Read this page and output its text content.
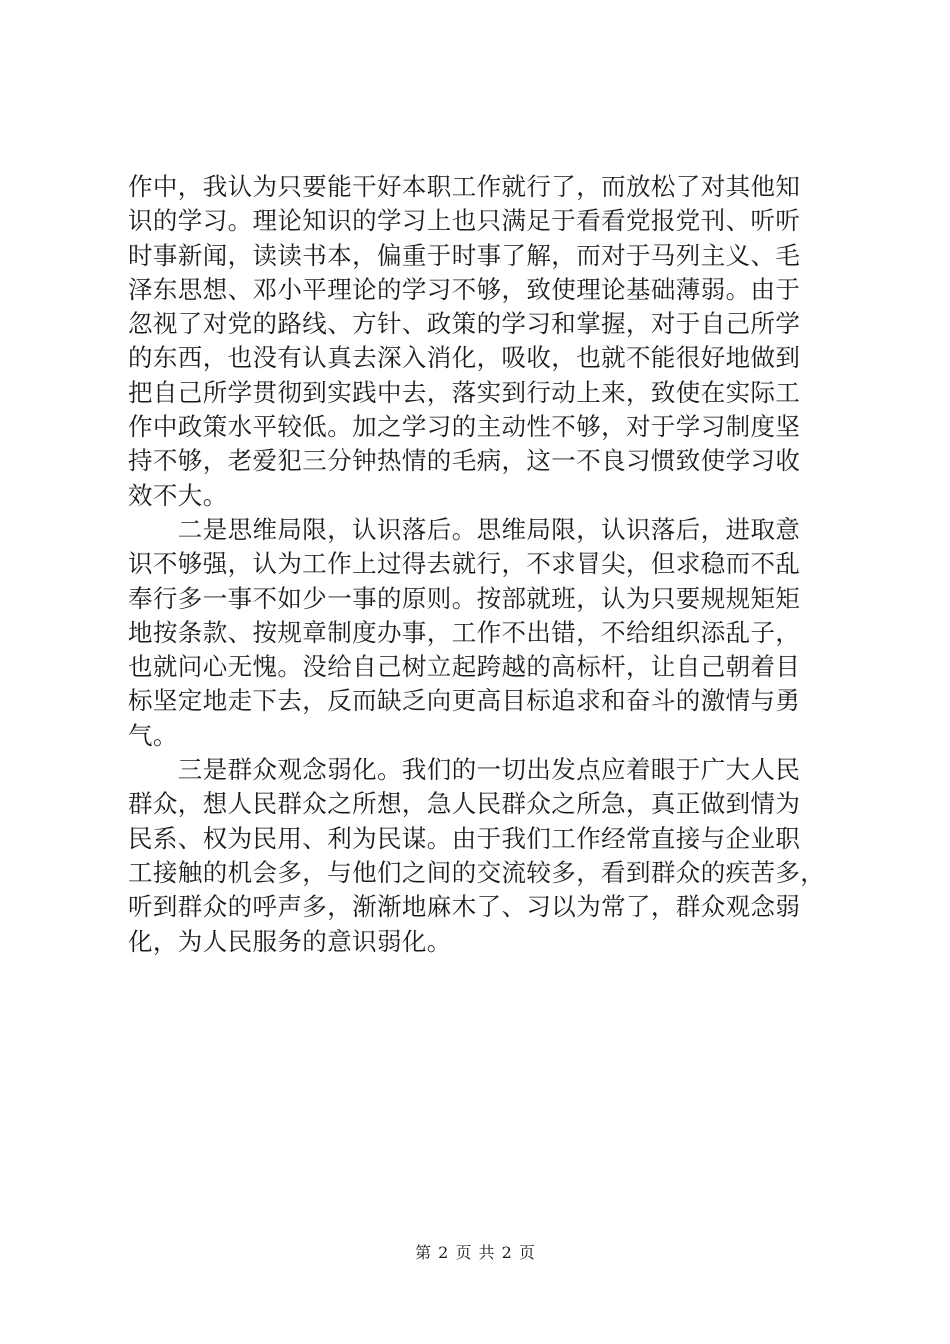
作中，我认为只要能干好本职工作就行了，而放松了对其他知
识的学习。理论知识的学习上也只满足于看看党报党刊、听听
时事新闻，读读书本，偏重于时事了解，而对于马列主义、毛
泽东思想、邓小平理论的学习不够，致使理论基础薄弱。由于
忽视了对党的路线、方针、政策的学习和掌握，对于自己所学
的东西，也没有认真去深入消化，吸收，也就不能很好地做到
把自己所学贯彻到实践中去，落实到行动上来，致使在实际工
作中政策水平较低。加之学习的主动性不够，对于学习制度坚
持不够，老爱犯三分钟热情的毛病，这一不良习惯致使学习收
效不大。
　　二是思维局限，认识落后。思维局限，认识落后，进取意
识不够强，认为工作上过得去就行，不求冒尖，但求稳而不乱
奉行多一事不如少一事的原则。按部就班，认为只要规规矩矩
地按条款、按规章制度办事，工作不出错，不给组织添乱子，
也就问心无愧。没给自己树立起跨越的高标杆，让自己朝着目
标坚定地走下去，反而缺乏向更高目标追求和奋斗的激情与勇
气。
　　三是群众观念弱化。我们的一切出发点应着眼于广大人民
群众，想人民群众之所想，急人民群众之所急，真正做到情为
民系、权为民用、利为民谋。由于我们工作经常直接与企业职
工接触的机会多，与他们之间的交流较多，看到群众的疾苦多，
听到群众的呼声多，渐渐地麻木了、习以为常了，群众观念弱
化，为人民服务的意识弱化。
第 2 页 共 2 页
